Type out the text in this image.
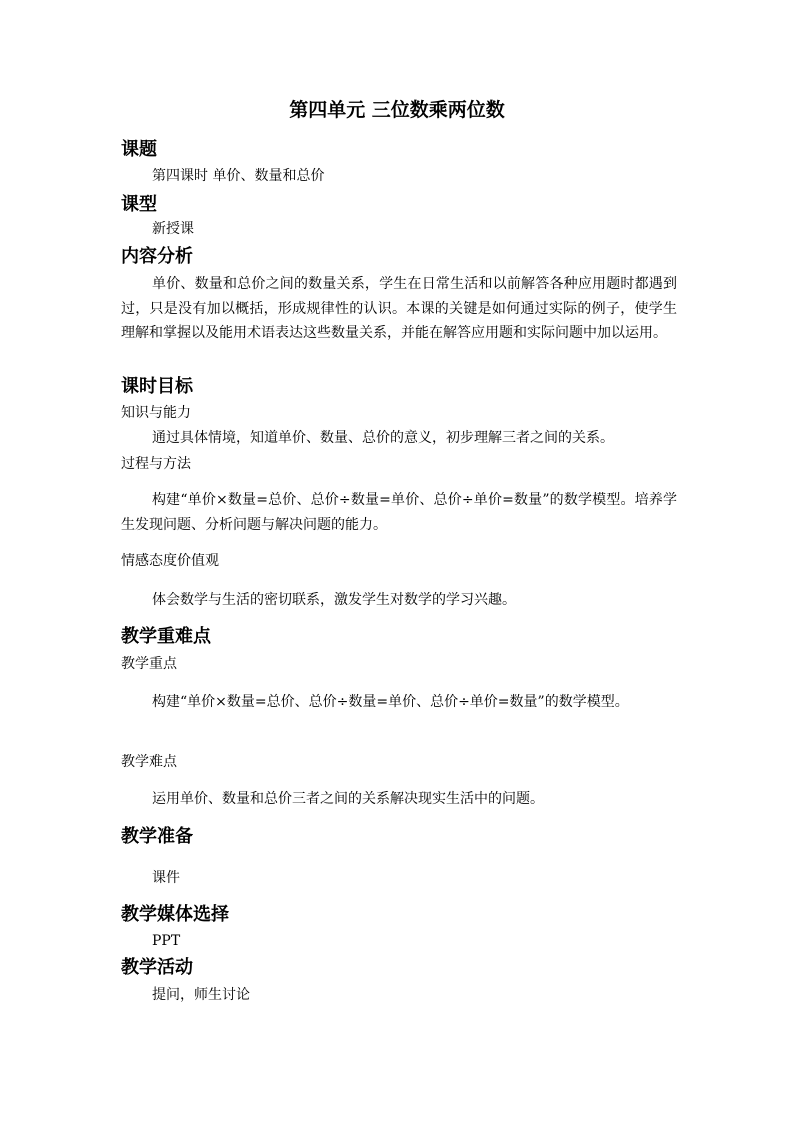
第四单元 三位数乘两位数
课题
第四课时 单价、数量和总价
课型
新授课
内容分析
单价、数量和总价之间的数量关系，学生在日常生活和以前解答各种应用题时都遇到过，只是没有加以概括，形成规律性的认识。本课的关键是如何通过实际的例子，使学生理解和掌握以及能用术语表达这些数量关系，并能在解答应用题和实际问题中加以运用。
课时目标
知识与能力
通过具体情境，知道单价、数量、总价的意义，初步理解三者之间的关系。
过程与方法
构建“单价×数量=总价、总价÷数量=单价、总价÷单价=数量”的数学模型。培养学生发现问题、分析问题与解决问题的能力。
情感态度价值观
体会数学与生活的密切联系，激发学生对数学的学习兴趣。
教学重难点
教学重点
构建“单价×数量=总价、总价÷数量=单价、总价÷单价=数量”的数学模型。
教学难点
运用单价、数量和总价三者之间的关系解决现实生活中的问题。
教学准备
课件
教学媒体选择
PPT
教学活动
提问，师生讨论
